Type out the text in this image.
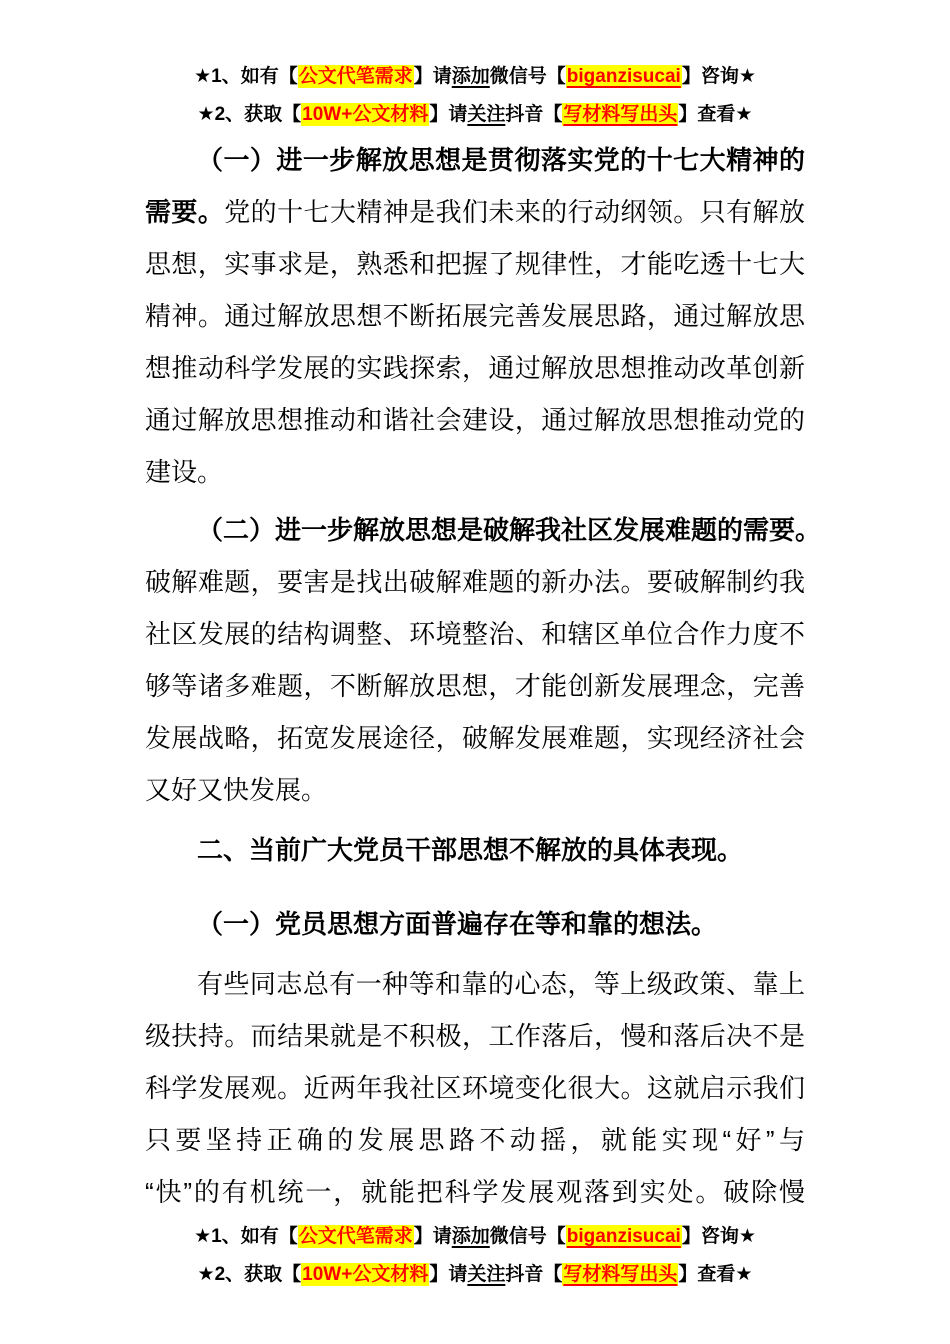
★1、如有【公文代笔需求】请添加微信号【biganzisucai】咨询★
★2、获取【10W+公文材料】请关注抖音【写材料写出头】查看★
（一）进一步解放思想是贯彻落实党的十七大精神的
需要。党的十七大精神是我们未来的行动纲领。只有解放
思想，实事求是，熟悉和把握了规律性，才能吃透十七大
精神。通过解放思想不断拓展完善发展思路，通过解放思
想推动科学发展的实践探索，通过解放思想推动改革创新
通过解放思想推动和谐社会建设，通过解放思想推动党的
建设。
（二）进一步解放思想是破解我社区发展难题的需要。
破解难题，要害是找出破解难题的新办法。要破解制约我
社区发展的结构调整、环境整治、和辖区单位合作力度不
够等诸多难题，不断解放思想，才能创新发展理念，完善
发展战略，拓宽发展途径，破解发展难题，实现经济社会
又好又快发展。
二、当前广大党员干部思想不解放的具体表现。
（一）党员思想方面普遍存在等和靠的想法。
有些同志总有一种等和靠的心态，等上级政策、靠上
级扶持。而结果就是不积极，工作落后，慢和落后决不是
科学发展观。近两年我社区环境变化很大。这就启示我们
只要坚持正确的发展思路不动摇，就能实现“好”与
“快”的有机统一，就能把科学发展观落到实处。破除慢
★1、如有【公文代笔需求】请添加微信号【biganzisucai】咨询★
★2、获取【10W+公文材料】请关注抖音【写材料写出头】查看★
